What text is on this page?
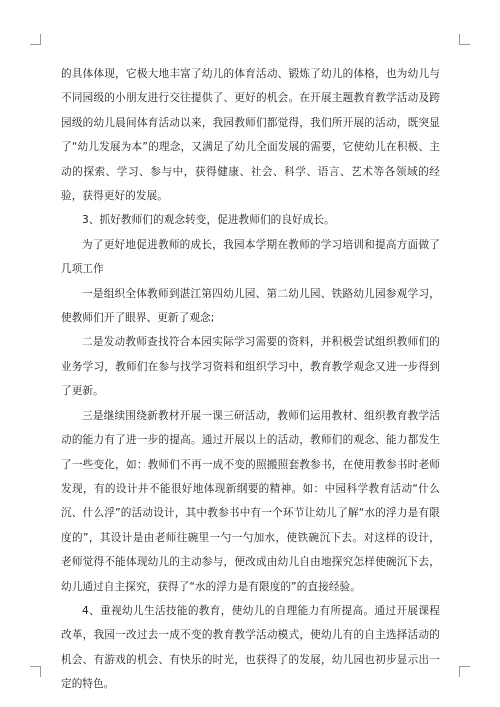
的具体体现，它极大地丰富了幼儿的体育活动、锻炼了幼儿的体格，也为幼儿与不同园级的小朋友进行交往提供了、更好的机会。在开展主题教育教学活动及跨园级的幼儿晨间体育活动以来，我园教师们都觉得，我们所开展的活动，既突显了“幼儿发展为本”的理念，又满足了幼儿全面发展的需要，它使幼儿在积极、主动的探索、学习、参与中，获得健康、社会、科学、语言、艺术等各领域的经验，获得更好的发展。

3、抓好教师们的观念转变，促进教师们的良好成长。

为了更好地促进教师的成长，我园本学期在教师的学习培训和提高方面做了几项工作

一是组织全体教师到湛江第四幼儿园、第二幼儿园、铁路幼儿园参观学习，使教师们开了眼界、更新了观念;

二是发动教师查找符合本园实际学习需要的资料，并积极尝试组织教师们的业务学习，教师们在参与找学习资料和组织学习中，教育教学观念又进一步得到了更新。

三是继续围绕新教材开展一课三研活动，教师们运用教材、组织教育教学活动的能力有了进一步的提高。通过开展以上的活动，教师们的观念、能力都发生了一些变化，如：教师们不再一成不变的照搬照套教参书，在使用教参书时老师发现，有的设计并不能很好地体现新纲要的精神。如：中园科学教育活动“什么沉、什么浮”的活动设计，其中教参书中有一个环节让幼儿了解“水的浮力是有限度的”，其设计是由老师往碗里一勺一勺加水，使铁碗沉下去。对这样的设计，老师觉得不能体现幼儿的主动参与，便改成由幼儿自由地探究怎样使碗沉下去，幼儿通过自主探究，获得了“水的浮力是有限度的”的直接经验。

4、重视幼儿生活技能的教育，使幼儿的自理能力有所提高。通过开展课程改革，我园一改过去一成不变的教育教学活动模式，使幼儿有的自主选择活动的机会、有游戏的机会、有快乐的时光，也获得了的发展，幼儿园也初步显示出一定的特色。
